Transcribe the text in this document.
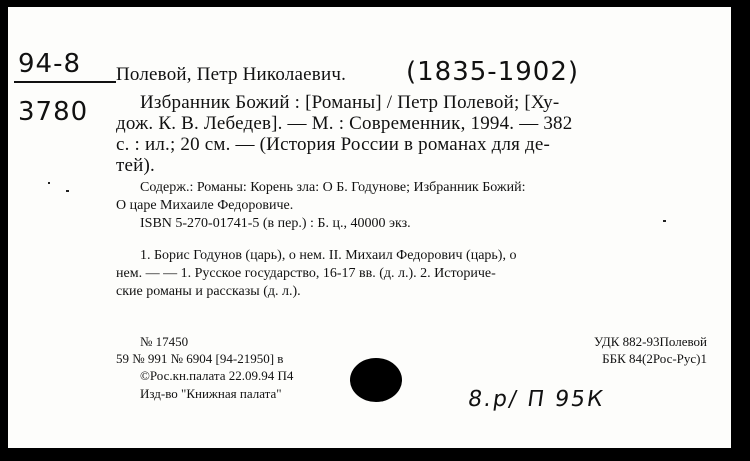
94-8
3780
Полевой, Петр Николаевич. (1835-1902)
Избранник Божий : [Романы] / Петр Полевой; [Ху-
дож. К. В. Лебедев]. — М. : Современник, 1994. — 382
с. : ил.; 20 см. — (История России в романах для де-
тей).
Содерж.: Романы: Корень зла: О Б. Годунове; Избранник Божий:
О царе Михаиле Федоровиче.
ISBN 5-270-01741-5 (в пер.) : Б. ц., 40000 экз.
1. Борис Годунов (царь), о нем. II. Михаил Федорович (царь), о
нем. — — 1. Русское государство, 16-17 вв. (д. л.). 2. Историче-
ские романы и рассказы (д. л.).
№ 17450
59 № 991 № 6904 [94-21950] в
©Рос.кн.палата 22.09.94 П4
Изд-во "Книжная палата"
УДК 882-93Полевой
ББК 84(2Рос-Рус)1
8.р/ П 95К
